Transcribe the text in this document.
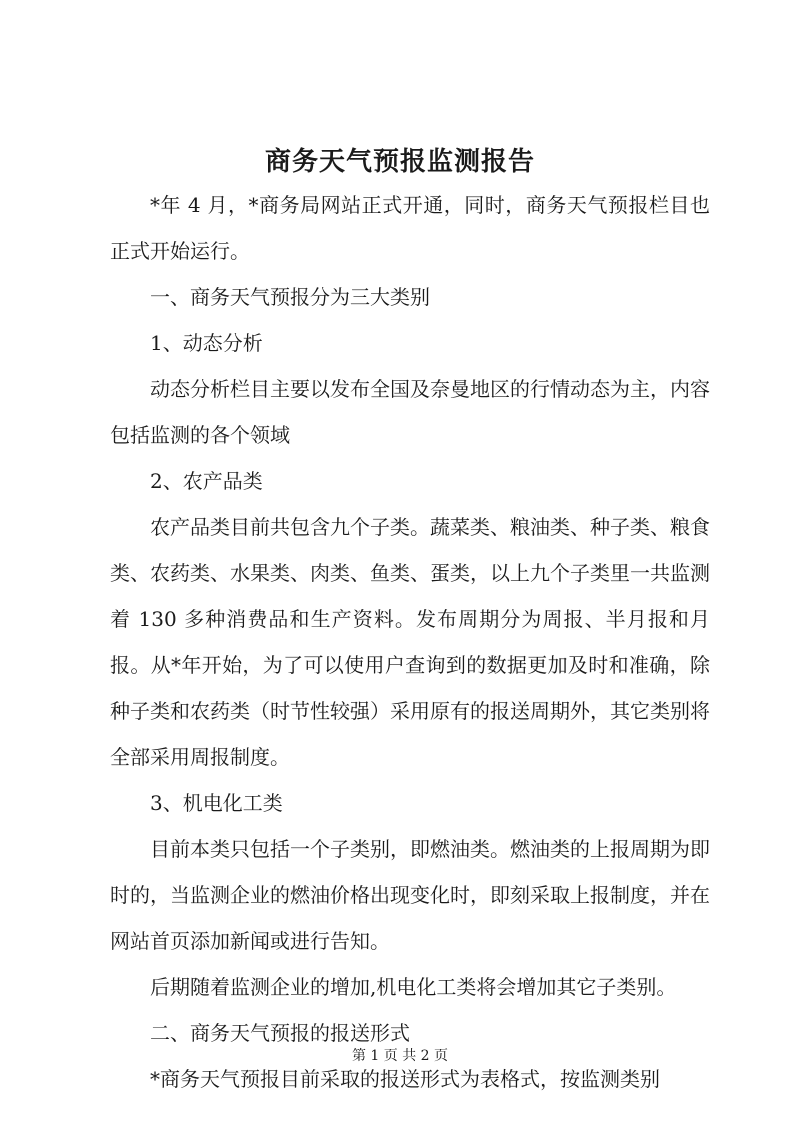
商务天气预报监测报告

*年 4 月，*商务局网站正式开通，同时，商务天气预报栏目也正式开始运行。

一、商务天气预报分为三大类别

1、动态分析

动态分析栏目主要以发布全国及奈曼地区的行情动态为主，内容包括监测的各个领域

2、农产品类

农产品类目前共包含九个子类。蔬菜类、粮油类、种子类、粮食类、农药类、水果类、肉类、鱼类、蛋类，以上九个子类里一共监测着 130 多种消费品和生产资料。发布周期分为周报、半月报和月报。从*年开始，为了可以使用户查询到的数据更加及时和准确，除种子类和农药类（时节性较强）采用原有的报送周期外，其它类别将全部采用周报制度。

3、机电化工类

目前本类只包括一个子类别，即燃油类。燃油类的上报周期为即时的，当监测企业的燃油价格出现变化时，即刻采取上报制度，并在网站首页添加新闻或进行告知。

后期随着监测企业的增加,机电化工类将会增加其它子类别。

二、商务天气预报的报送形式

*商务天气预报目前采取的报送形式为表格式，按监测类别

第 1 页 共 2 页
